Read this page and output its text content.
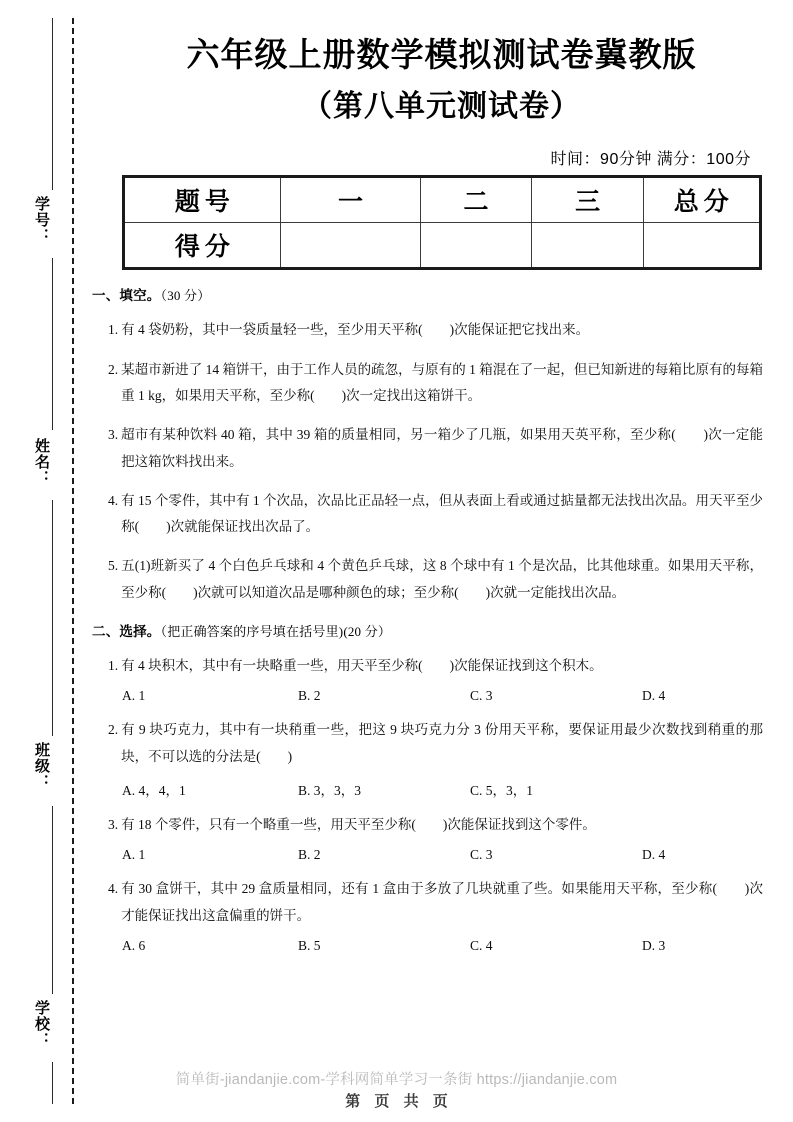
学号：
姓名：
班级：
学校：
六年级上册数学模拟测试卷冀教版
（第八单元测试卷）
时间：90分钟 满分：100分
题号	一	二	三	总分
得分				
一、填空。（30 分）
1. 有 4 袋奶粉，其中一袋质量轻一些，至少用天平称(　　)次能保证把它找出来。
2. 某超市新进了 14 箱饼干，由于工作人员的疏忽，与原有的 1 箱混在了一起，但已知新进的每箱比原有的每箱重 1 kg，如果用天平称，至少称(　　)次一定找出这箱饼干。
3. 超市有某种饮料 40 箱，其中 39 箱的质量相同，另一箱少了几瓶，如果用天英平称，至少称(　　)次一定能把这箱饮料找出来。
4. 有 15 个零件，其中有 1 个次品，次品比正品轻一点，但从表面上看或通过掂量都无法找出次品。用天平至少称(　　)次就能保证找出次品了。
5. 五(1)班新买了 4 个白色乒乓球和 4 个黄色乒乓球，这 8 个球中有 1 个是次品，比其他球重。如果用天平称，至少称(　　)次就可以知道次品是哪种颜色的球；至少称(　　)次就一定能找出次品。
二、选择。（把正确答案的序号填在括号里)(20 分）
1. 有 4 块积木，其中有一块略重一些，用天平至少称(　　)次能保证找到这个积木。
A. 1	B. 2	C. 3	D. 4
2. 有 9 块巧克力，其中有一块稍重一些，把这 9 块巧克力分 3 份用天平称，要保证用最少次数找到稍重的那块，不可以选的分法是(　　)
A. 4，4，1	B. 3，3，3	C. 5，3，1
3. 有 18 个零件，只有一个略重一些，用天平至少称(　　)次能保证找到这个零件。
A. 1	B. 2	C. 3	D. 4
4. 有 30 盒饼干，其中 29 盒质量相同，还有 1 盒由于多放了几块就重了些。如果能用天平称，至少称(　　)次才能保证找出这盒偏重的饼干。
A. 6	B. 5	C. 4	D. 3
简单街-jiandanjie.com-学科网简单学习一条街 https://jiandanjie.com
第 页 共 页
